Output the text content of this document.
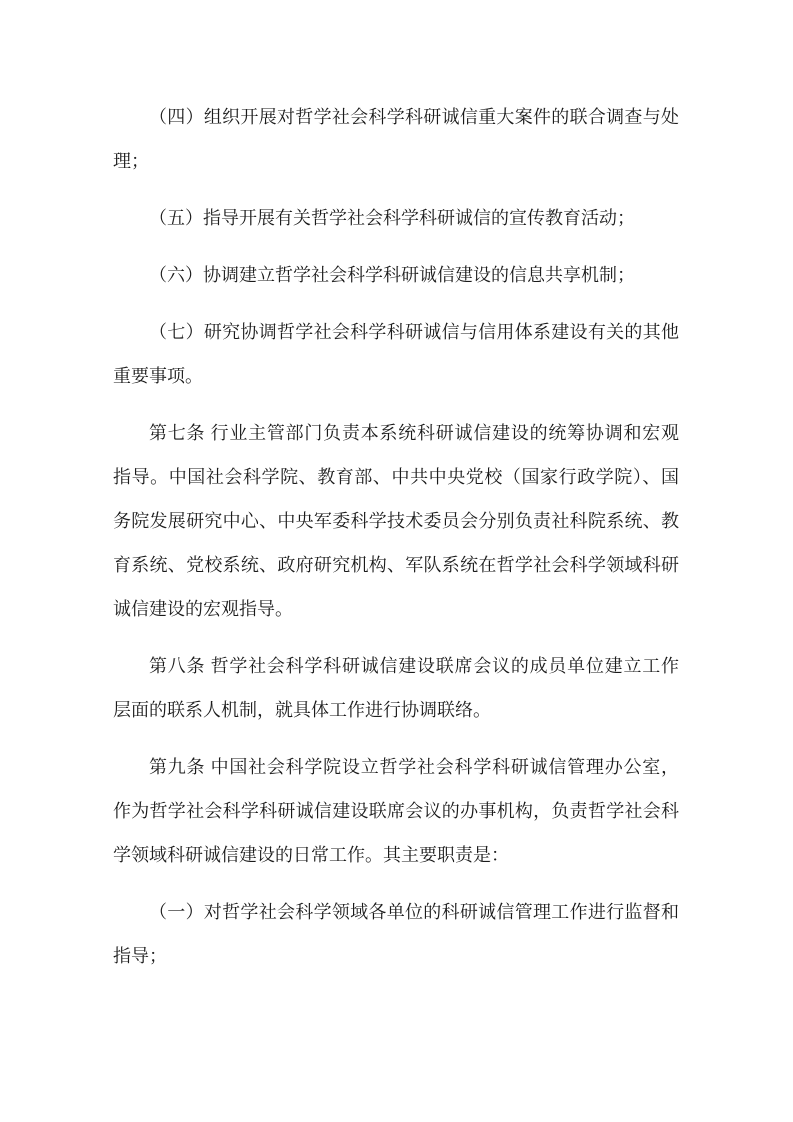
（四）组织开展对哲学社会科学科研诚信重大案件的联合调查与处
理；
（五）指导开展有关哲学社会科学科研诚信的宣传教育活动；
（六）协调建立哲学社会科学科研诚信建设的信息共享机制；
（七）研究协调哲学社会科学科研诚信与信用体系建设有关的其他
重要事项。
第七条 行业主管部门负责本系统科研诚信建设的统筹协调和宏观
指导。中国社会科学院、教育部、中共中央党校（国家行政学院）、国
务院发展研究中心、中央军委科学技术委员会分别负责社科院系统、教
育系统、党校系统、政府研究机构、军队系统在哲学社会科学领域科研
诚信建设的宏观指导。
第八条 哲学社会科学科研诚信建设联席会议的成员单位建立工作
层面的联系人机制，就具体工作进行协调联络。
第九条 中国社会科学院设立哲学社会科学科研诚信管理办公室，
作为哲学社会科学科研诚信建设联席会议的办事机构，负责哲学社会科
学领域科研诚信建设的日常工作。其主要职责是：
（一）对哲学社会科学领域各单位的科研诚信管理工作进行监督和
指导；
